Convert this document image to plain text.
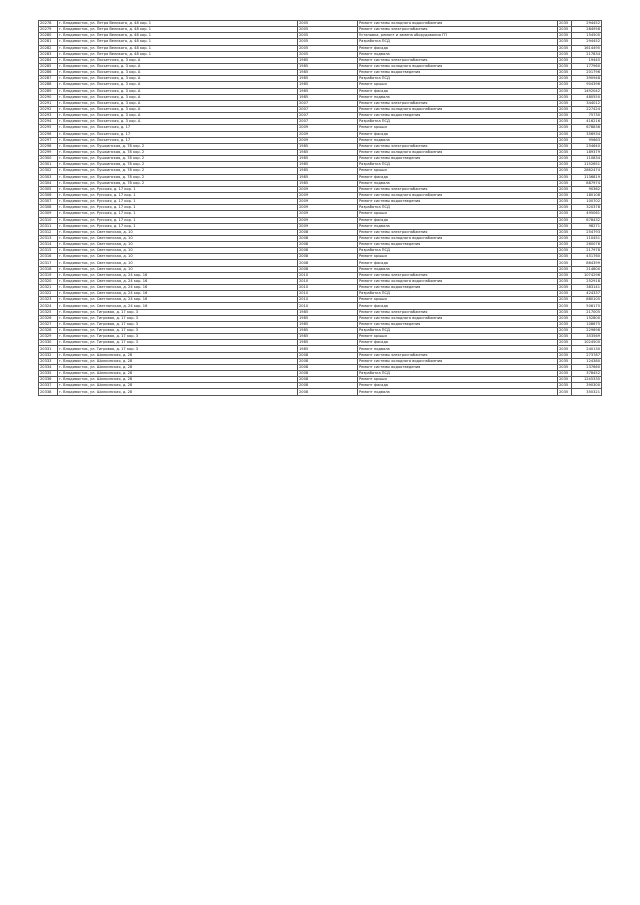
20278	г. Владивосток, ул. Петра Великого, д. 48 кор. 1	2005	Ремонт системы холодного водоснабжения	2035	294452
20279	г. Владивосток, ул. Петра Великого, д. 48 кор. 1	2005	Ремонт системы электроснабжения	2035	284958
20280	г. Владивосток, ул. Петра Великого, д. 48 кор. 1	2005	Установка, ремонт и замена оборудования ГП	2035	154500
20281	г. Владивосток, ул. Петра Великого, д. 48 кор. 1	2005	Разработка ПСД	2035	294452
20282	г. Владивосток, ул. Петра Великого, д. 48 кор. 1	2005	Ремонт фасада	2035	1614495
20283	г. Владивосток, ул. Петра Великого, д. 48 кор. 1	2005	Ремонт подвала	2035	217834
20284	г. Владивосток, ул. Посьетская, д. 3 кор. А	1985	Ремонт системы электроснабжения	2035	19445
20285	г. Владивосток, ул. Посьетская, д. 3 кор. А	1985	Ремонт системы холодного водоснабжения	2035	177960
20286	г. Владивосток, ул. Посьетская, д. 3 кор. А	1985	Ремонт системы водоотведения	2035	201796
20287	г. Владивосток, ул. Посьетская, д. 3 кор. А	1985	Разработка ПСД	2035	390948
20288	г. Владивосток, ул. Посьетская, д. 3 кор. А	1985	Ремонт крыши	2035	904396
20289	г. Владивосток, ул. Посьетская, д. 3 кор. А	1985	Ремонт фасада	2035	1492042
20290	г. Владивосток, ул. Посьетская, д. 3 кор. А	1985	Ремонт подвала	2035	480550
20291	г. Владивосток, ул. Посьетская, д. 3 кор. А	2007	Ремонт системы электроснабжения	2035	344012
20292	г. Владивосток, ул. Посьетская, д. 3 кор. А	2007	Ремонт системы холодного водоснабжения	2035	227424
20293	г. Владивосток, ул. Посьетская, д. 3 кор. А	2007	Ремонт системы водоотведения	2035	75730
20294	г. Владивосток, ул. Посьетская, д. 3 кор. А	2007	Разработка ПСД	2035	416216
20295	г. Владивосток, ул. Посьетская, д. 17	2009	Ремонт крыши	2035	678836
20296	г. Владивосток, ул. Посьетская, д. 17	2009	Ремонт фасада	2035	356934
20297	г. Владивосток, ул. Посьетская, д. 17	2009	Ремонт подвала	2035	95663
20298	г. Владивосток, ул. Пушкинская, д. 78 кор. 2	1985	Ремонт системы электроснабжения	2035	254640
20299	г. Владивосток, ул. Пушкинская, д. 78 кор. 2	1985	Ремонт системы холодного водоснабжения	2035	189379
20300	г. Владивосток, ул. Пушкинская, д. 78 кор. 2	1985	Ремонт системы водоотведения	2035	110834
20301	г. Владивосток, ул. Пушкинская, д. 78 кор. 2	1985	Разработка ПСД	2035	1152651
20302	г. Владивосток, ул. Пушкинская, д. 78 кор. 2	1985	Ремонт крыши	2035	2862474
20303	г. Владивосток, ул. Пушкинская, д. 78 кор. 2	1985	Ремонт фасада	2035	1136819
20304	г. Владивосток, ул. Пушкинская, д. 78 кор. 2	1985	Ремонт подвала	2035	887974
20305	г. Владивосток, ул. Русская, д. 17 кор. 1	2009	Ремонт системы электроснабжения	2035	90362
20306	г. Владивосток, ул. Русская, д. 17 кор. 1	2009	Ремонт системы холодного водоснабжения	2035	180108
20307	г. Владивосток, ул. Русская, д. 17 кор. 1	2009	Ремонт системы водоотведения	2035	100702
20308	г. Владивосток, ул. Русская, д. 17 кор. 1	2009	Разработка ПСД	2035	320378
20309	г. Владивосток, ул. Русская, д. 17 кор. 1	2009	Ремонт крыши	2035	495061
20310	г. Владивосток, ул. Русская, д. 17 кор. 1	2009	Ремонт фасада	2035	678432
20311	г. Владивосток, ул. Русская, д. 17 кор. 1	2009	Ремонт подвала	2035	98271
20312	г. Владивосток, ул. Светланская, д. 10	2008	Ремонт системы электроснабжения	2035	254793
20313	г. Владивосток, ул. Светланская, д. 10	2008	Ремонт системы холодного водоснабжения	2035	110451
20314	г. Владивосток, ул. Светланская, д. 10	2008	Ремонт системы водоотведения	2035	260076
20315	г. Владивосток, ул. Светланская, д. 10	2008	Разработка ПСД	2035	217978
20316	г. Владивосток, ул. Светланская, д. 10	2008	Ремонт крыши	2035	451760
20317	г. Владивосток, ул. Светланская, д. 10	2008	Ремонт фасада	2035	864399
20318	г. Владивосток, ул. Светланская, д. 10	2008	Ремонт подвала	2035	214800
20319	г. Владивосток, ул. Светланская, д. 24 кор. 16	2010	Ремонт системы электроснабжения	2035	1074296
20320	г. Владивосток, ул. Светланская, д. 24 кор. 16	2010	Ремонт системы холодного водоснабжения	2035	252918
20321	г. Владивосток, ул. Светланская, д. 24 кор. 16	2010	Ремонт системы водоотведения	2035	383141
20322	г. Владивосток, ул. Светланская, д. 24 кор. 16	2010	Разработка ПСД	2035	424337
20323	г. Владивосток, ул. Светланская, д. 24 кор. 16	2010	Ремонт крыши	2035	880105
20324	г. Владивосток, ул. Светланская, д. 24 кор. 16	2010	Ремонт фасада	2035	506175
20325	г. Владивосток, ул. Тигровая, д. 17 кор. 3	1985	Ремонт системы электроснабжения	2035	217005
20326	г. Владивосток, ул. Тигровая, д. 17 кор. 3	1985	Ремонт системы холодного водоснабжения	2035	152800
20327	г. Владивосток, ул. Тигровая, д. 17 кор. 3	1985	Ремонт системы водоотведения	2035	108675
20328	г. Владивосток, ул. Тигровая, д. 17 кор. 3	1985	Разработка ПСД	2035	229898
20329	г. Владивосток, ул. Тигровая, д. 17 кор. 3	1985	Ремонт крыши	2035	353569
20330	г. Владивосток, ул. Тигровая, д. 17 кор. 3	1985	Ремонт фасада	2035	1024500
20331	г. Владивосток, ул. Тигровая, д. 17 кор. 3	1985	Ремонт подвала	2035	240130
20332	г. Владивосток, ул. Шилкинская, д. 28	2008	Ремонт системы электроснабжения	2035	273787
20333	г. Владивосток, ул. Шилкинская, д. 28	2008	Ремонт системы холодного водоснабжения	2035	124380
20334	г. Владивосток, ул. Шилкинская, д. 28	2008	Ремонт системы водоотведения	2035	237660
20335	г. Владивосток, ул. Шилкинская, д. 28	2008	Разработка ПСД	2035	378452
20336	г. Владивосток, ул. Шилкинская, д. 28	2008	Ремонт крыши	2035	1245335
20337	г. Владивосток, ул. Шилкинская, д. 28	2008	Ремонт фасада	2035	390300
20338	г. Владивосток, ул. Шилкинская, д. 28	2008	Ремонт подвала	2035	350321
